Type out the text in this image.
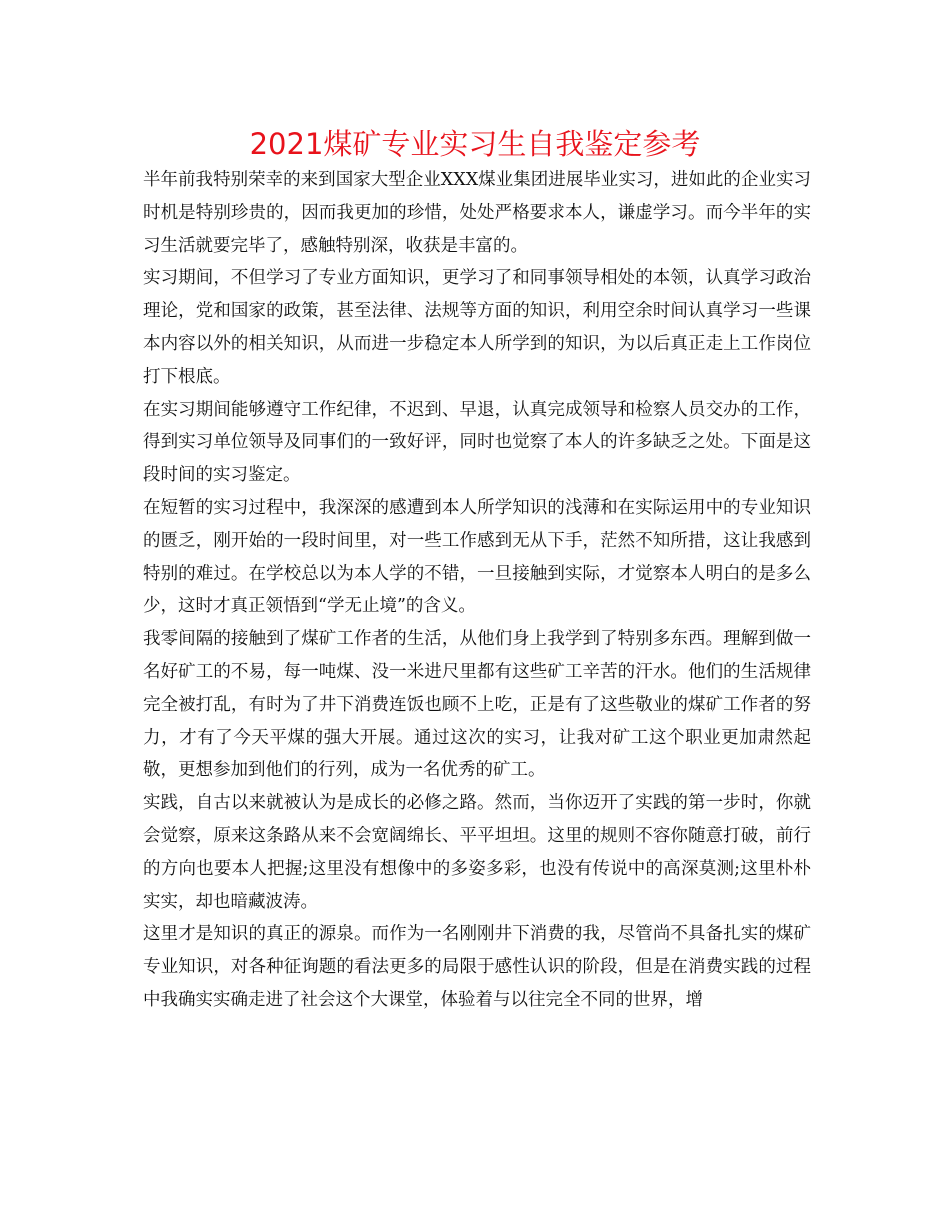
2021煤矿专业实习生自我鉴定参考

半年前我特别荣幸的来到国家大型企业XXX煤业集团进展毕业实习，进如此的企业实习时机是特别珍贵的，因而我更加的珍惜，处处严格要求本人，谦虚学习。而今半年的实习生活就要完毕了，感触特别深，收获是丰富的。

实习期间，不但学习了专业方面知识，更学习了和同事领导相处的本领，认真学习政治理论，党和国家的政策，甚至法律、法规等方面的知识，利用空余时间认真学习一些课本内容以外的相关知识，从而进一步稳定本人所学到的知识，为以后真正走上工作岗位打下根底。

在实习期间能够遵守工作纪律，不迟到、早退，认真完成领导和检察人员交办的工作，得到实习单位领导及同事们的一致好评，同时也觉察了本人的许多缺乏之处。下面是这段时间的实习鉴定。

在短暂的实习过程中，我深深的感遭到本人所学知识的浅薄和在实际运用中的专业知识的匮乏，刚开始的一段时间里，对一些工作感到无从下手，茫然不知所措，这让我感到特别的难过。在学校总以为本人学的不错，一旦接触到实际，才觉察本人明白的是多么少，这时才真正领悟到“学无止境”的含义。

我零间隔的接触到了煤矿工作者的生活，从他们身上我学到了特别多东西。理解到做一名好矿工的不易，每一吨煤、没一米进尺里都有这些矿工辛苦的汗水。他们的生活规律完全被打乱，有时为了井下消费连饭也顾不上吃，正是有了这些敬业的煤矿工作者的努力，才有了今天平煤的强大开展。通过这次的实习，让我对矿工这个职业更加肃然起敬，更想参加到他们的行列，成为一名优秀的矿工。

实践，自古以来就被认为是成长的必修之路。然而，当你迈开了实践的第一步时，你就会觉察，原来这条路从来不会宽阔绵长、平平坦坦。这里的规则不容你随意打破，前行的方向也要本人把握;这里没有想像中的多姿多彩，也没有传说中的高深莫测;这里朴朴实实，却也暗藏波涛。

这里才是知识的真正的源泉。而作为一名刚刚井下消费的我，尽管尚不具备扎实的煤矿专业知识，对各种征询题的看法更多的局限于感性认识的阶段，但是在消费实践的过程中我确实实确走进了社会这个大课堂，体验着与以往完全不同的世界，增
